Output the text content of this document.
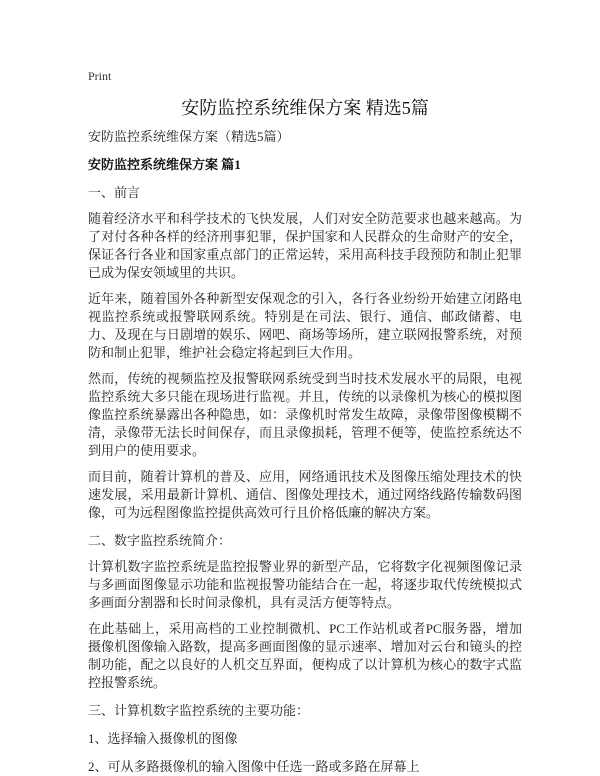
Print
安防监控系统维保方案 精选5篇
安防监控系统维保方案（精选5篇）
安防监控系统维保方案 篇1
一、前言
随着经济水平和科学技术的飞快发展，人们对安全防范要求也越来越高。为了对付各种各样的经济刑事犯罪，保护国家和人民群众的生命财产的安全，保证各行各业和国家重点部门的正常运转，采用高科技手段预防和制止犯罪已成为保安领域里的共识。
近年来，随着国外各种新型安保观念的引入，各行各业纷纷开始建立闭路电视监控系统或报警联网系统。特别是在司法、银行、通信、邮政储蓄、电力、及现在与日剧增的娱乐、网吧、商场等场所，建立联网报警系统，对预防和制止犯罪，维护社会稳定将起到巨大作用。
然而，传统的视频监控及报警联网系统受到当时技术发展水平的局限，电视监控系统大多只能在现场进行监视。并且，传统的以录像机为核心的模拟图像监控系统暴露出各种隐患，如：录像机时常发生故障，录像带图像模糊不清，录像带无法长时间保存，而且录像损耗，管理不便等，使监控系统达不到用户的使用要求。
而目前，随着计算机的普及、应用，网络通讯技术及图像压缩处理技术的快速发展，采用最新计算机、通信、图像处理技术，通过网络线路传输数码图像，可为远程图像监控提供高效可行且价格低廉的解决方案。
二、数字监控系统简介：
计算机数字监控系统是监控报警业界的新型产品，它将数字化视频图像记录与多画面图像显示功能和监视报警功能结合在一起，将逐步取代传统模拟式多画面分割器和长时间录像机，具有灵活方便等特点。
在此基础上，采用高档的工业控制微机、PC工作站机或者PC服务器，增加摄像机图像输入路数，提高多画面图像的显示速率、增加对云台和镜头的控制功能，配之以良好的人机交互界面，便构成了以计算机为核心的数字式监控报警系统。
三、计算机数字监控系统的主要功能：
1、选择输入摄像机的图像
2、可从多路摄像机的输入图像中任选一路或多路在屏幕上
